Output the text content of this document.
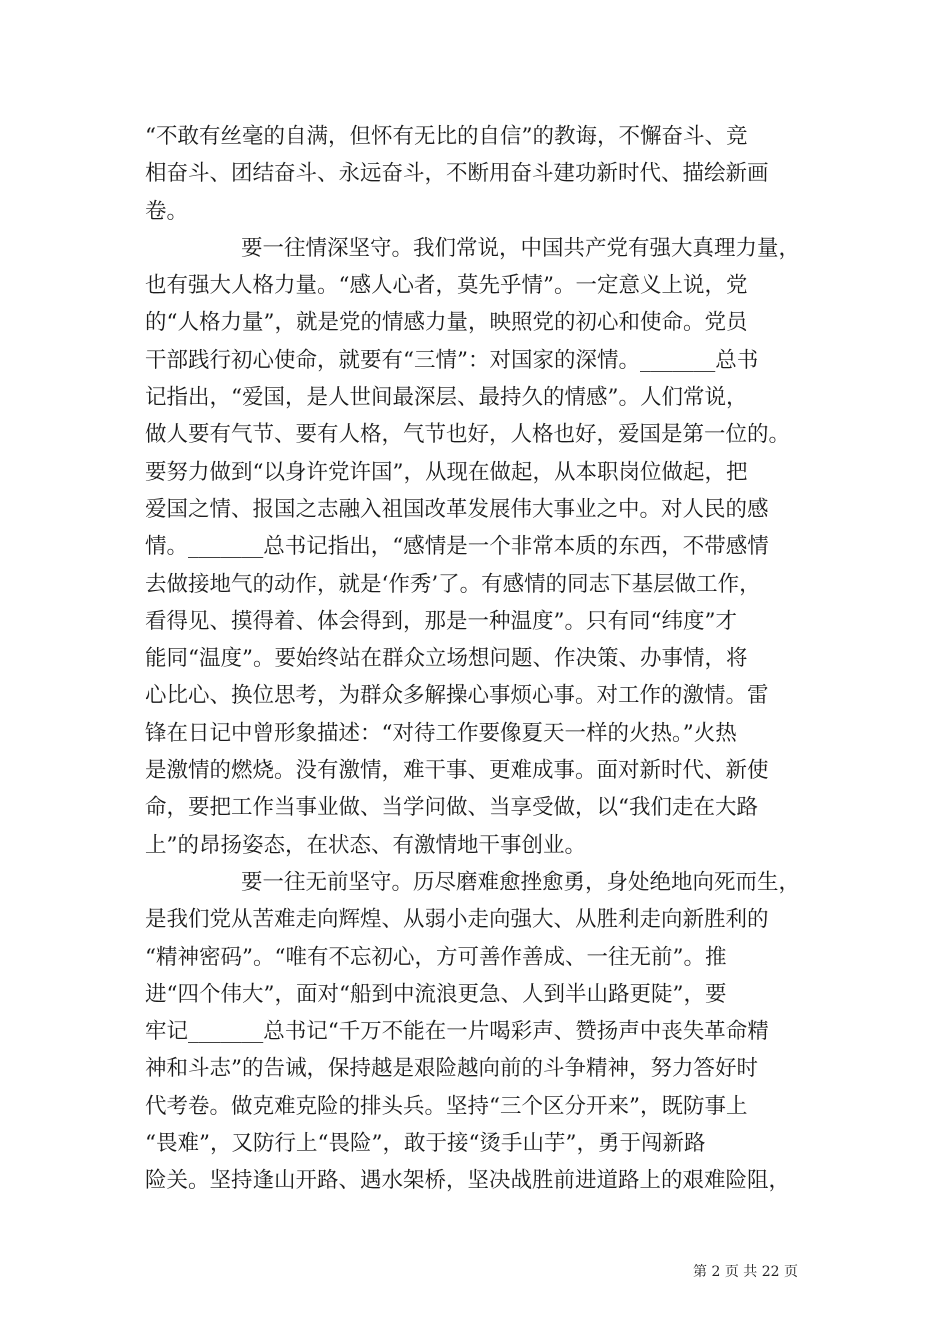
“不敢有丝毫的自满，但怀有无比的自信”的教诲，不懈奋斗、竞
相奋斗、团结奋斗、永远奋斗，不断用奋斗建功新时代、描绘新画
卷。
要一往情深坚守。我们常说，中国共产党有强大真理力量，
也有强大人格力量。“感人心者，莫先乎情”。一定意义上说，党
的“人格力量”，就是党的情感力量，映照党的初心和使命。党员
干部践行初心使命，就要有“三情”：对国家的深情。_______总书
记指出，“爱国，是人世间最深层、最持久的情感”。人们常说，
做人要有气节、要有人格，气节也好，人格也好，爱国是第一位的。
要努力做到“以身许党许国”，从现在做起，从本职岗位做起，把
爱国之情、报国之志融入祖国改革发展伟大事业之中。对人民的感
情。_______总书记指出，“感情是一个非常本质的东西，不带感情
去做接地气的动作，就是‘作秀’了。有感情的同志下基层做工作，
看得见、摸得着、体会得到，那是一种温度”。只有同“纬度”才
能同“温度”。要始终站在群众立场想问题、作决策、办事情，将
心比心、换位思考，为群众多解操心事烦心事。对工作的激情。雷
锋在日记中曾形象描述：“对待工作要像夏天一样的火热。”火热
是激情的燃烧。没有激情，难干事、更难成事。面对新时代、新使
命，要把工作当事业做、当学问做、当享受做，以“我们走在大路
上”的昂扬姿态，在状态、有激情地干事创业。
要一往无前坚守。历尽磨难愈挫愈勇，身处绝地向死而生，
是我们党从苦难走向辉煌、从弱小走向强大、从胜利走向新胜利的
“精神密码”。“唯有不忘初心，方可善作善成、一往无前”。推
进“四个伟大”，面对“船到中流浪更急、人到半山路更陡”，要
牢记_______总书记“千万不能在一片喝彩声、赞扬声中丧失革命精
神和斗志”的告诫，保持越是艰险越向前的斗争精神，努力答好时
代考卷。做克难克险的排头兵。坚持“三个区分开来”，既防事上
“畏难”，又防行上“畏险”，敢于接“烫手山芋”，勇于闯新路
险关。坚持逢山开路、遇水架桥，坚决战胜前进道路上的艰难险阻，
第 2 页 共 22 页
